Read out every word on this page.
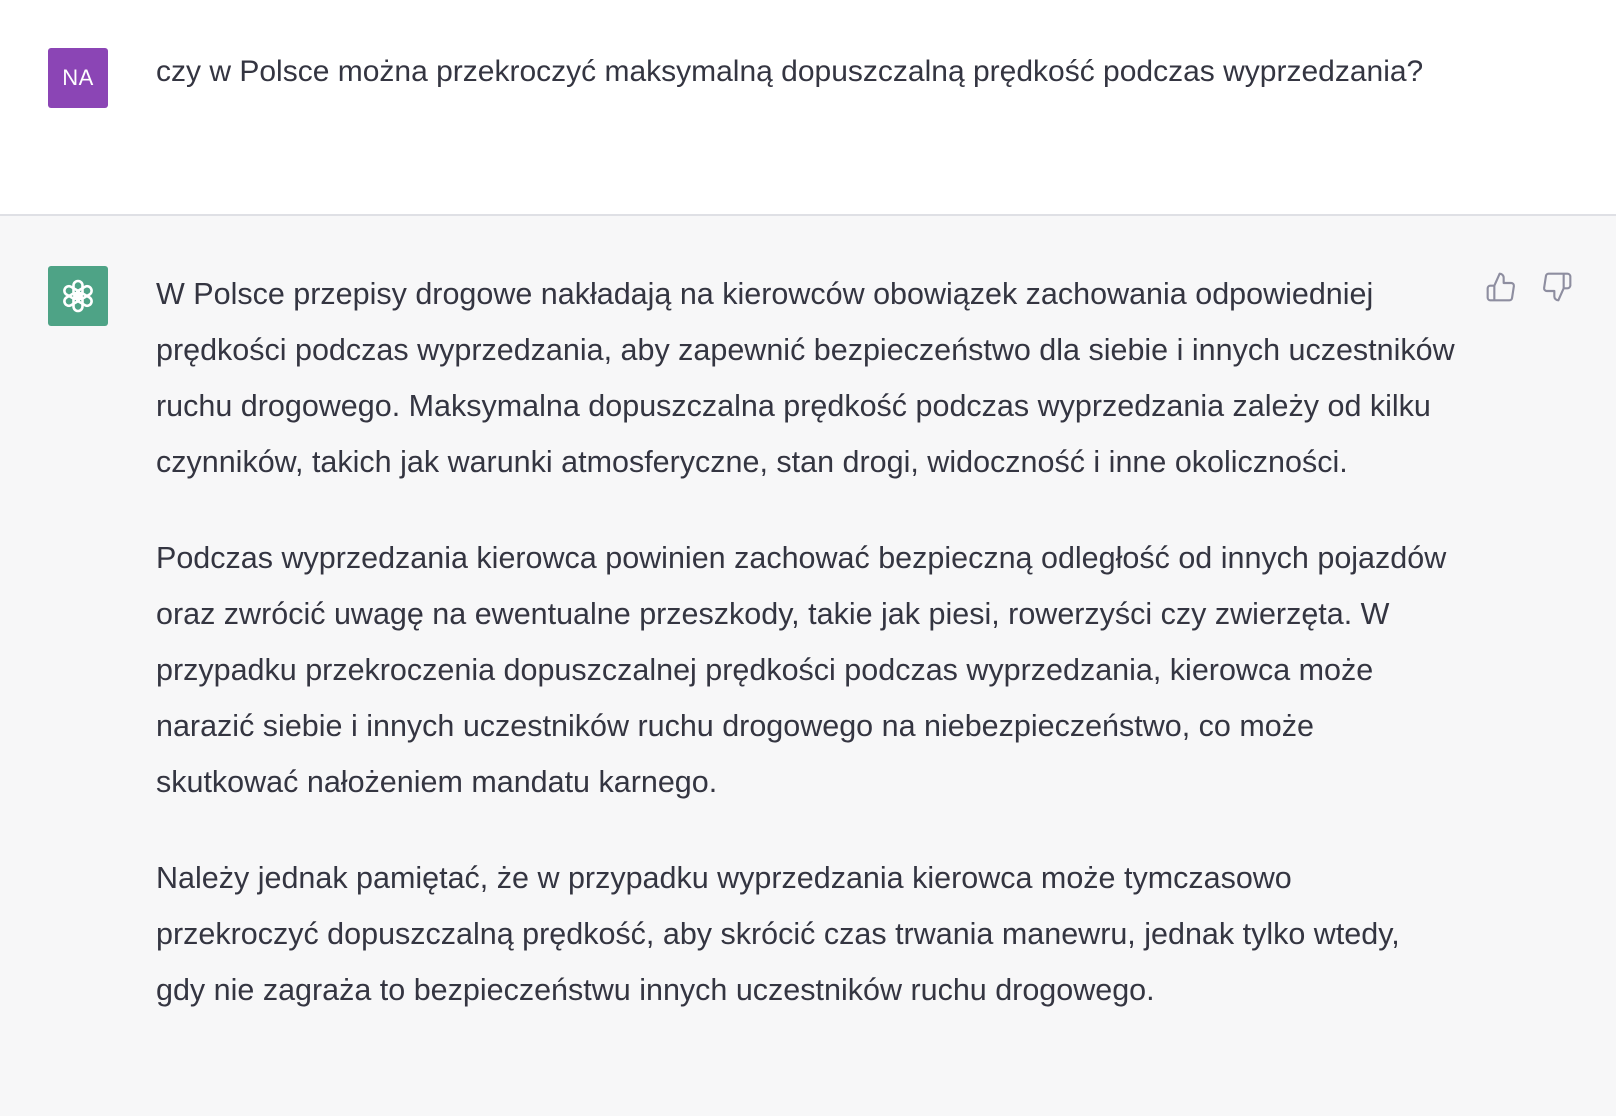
NA czy w Polsce można przekroczyć maksymalną dopuszczalną prędkość podczas wyprzedzania?

W Polsce przepisy drogowe nakładają na kierowców obowiązek zachowania odpowiedniej prędkości podczas wyprzedzania, aby zapewnić bezpieczeństwo dla siebie i innych uczestników ruchu drogowego. Maksymalna dopuszczalna prędkość podczas wyprzedzania zależy od kilku czynników, takich jak warunki atmosferyczne, stan drogi, widoczność i inne okoliczności.

Podczas wyprzedzania kierowca powinien zachować bezpieczną odległość od innych pojazdów oraz zwrócić uwagę na ewentualne przeszkody, takie jak piesi, rowerzyści czy zwierzęta. W przypadku przekroczenia dopuszczalnej prędkości podczas wyprzedzania, kierowca może narazić siebie i innych uczestników ruchu drogowego na niebezpieczeństwo, co może skutkować nałożeniem mandatu karnego.

Należy jednak pamiętać, że w przypadku wyprzedzania kierowca może tymczasowo przekroczyć dopuszczalną prędkość, aby skrócić czas trwania manewru, jednak tylko wtedy, gdy nie zagraża to bezpieczeństwu innych uczestników ruchu drogowego.
